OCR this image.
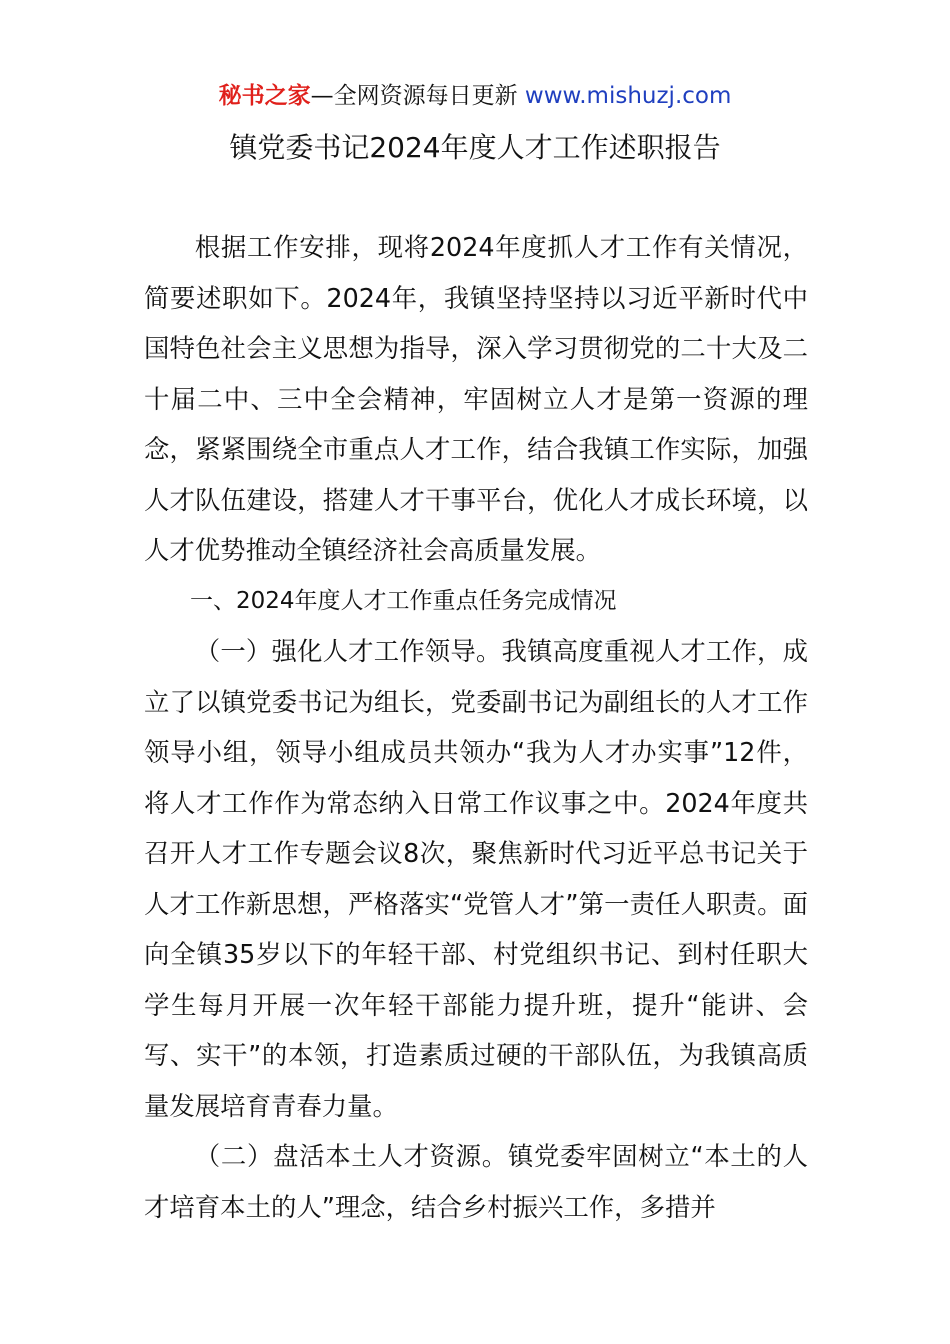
秘书之家—全网资源每日更新 www.mishuzj.com
镇党委书记2024年度人才工作述职报告

根据工作安排，现将2024年度抓人才工作有关情况，简要述职如下。2024年，我镇坚持坚持以习近平新时代中国特色社会主义思想为指导，深入学习贯彻党的二十大及二十届二中、三中全会精神，牢固树立人才是第一资源的理念，紧紧围绕全市重点人才工作，结合我镇工作实际，加强人才队伍建设，搭建人才干事平台，优化人才成长环境，以人才优势推动全镇经济社会高质量发展。

一、2024年度人才工作重点任务完成情况

（一）强化人才工作领导。我镇高度重视人才工作，成立了以镇党委书记为组长，党委副书记为副组长的人才工作领导小组，领导小组成员共领办“我为人才办实事”12件，将人才工作作为常态纳入日常工作议事之中。2024年度共召开人才工作专题会议8次，聚焦新时代习近平总书记关于人才工作新思想，严格落实“党管人才”第一责任人职责。面向全镇35岁以下的年轻干部、村党组织书记、到村任职大学生每月开展一次年轻干部能力提升班，提升“能讲、会写、实干”的本领，打造素质过硬的干部队伍，为我镇高质量发展培育青春力量。

（二）盘活本土人才资源。镇党委牢固树立“本土的人才培育本土的人”理念，结合乡村振兴工作，多措并
